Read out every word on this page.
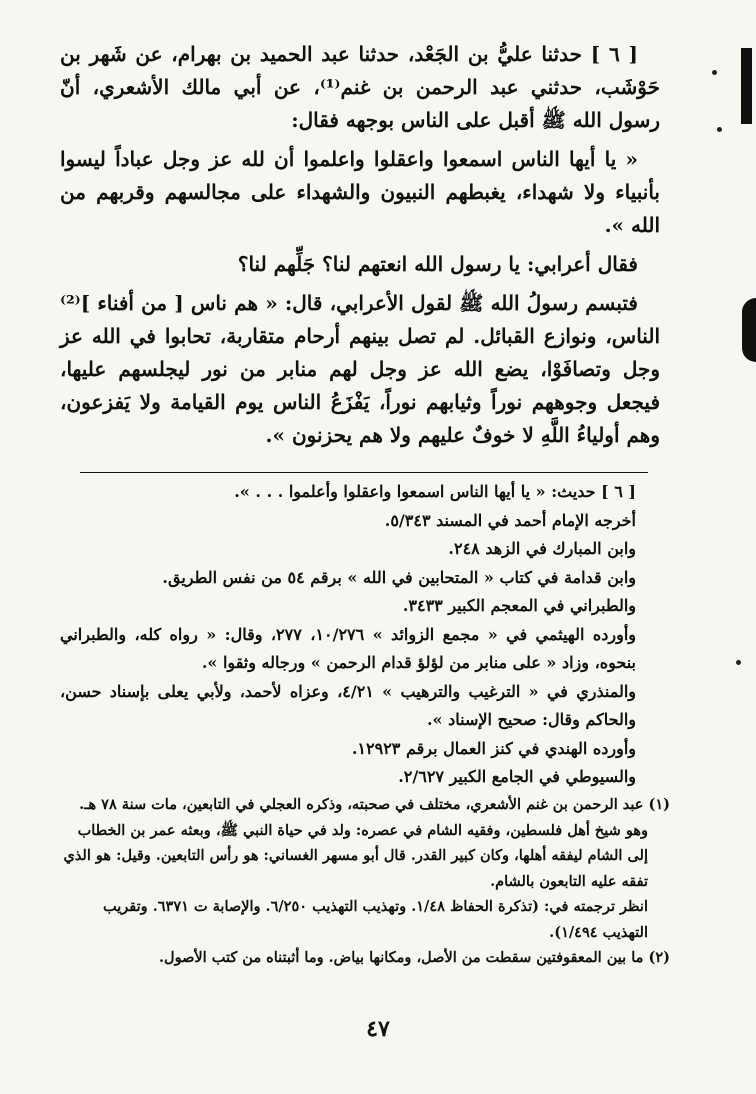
[ ٦ ] حدثنا عليُّ بن الجَعْد، حدثنا عبد الحميد بن بهرام، عن شَهر بن حَوْشَب، حدثني عبد الرحمن بن غنم⁽¹⁾، عن أبي مالك الأشعري، أنّ رسول الله ﷺ أقبل على الناس بوجهه فقال:

« يا أيها الناس اسمعوا واعقلوا واعلموا أن لله عز وجل عباداً ليسوا بأنبياء ولا شهداء، يغبطهم النبيون والشهداء على مجالسهم وقربهم من الله ».

فقال أعرابي: يا رسول الله انعتهم لنا؟ جَلِّهم لنا؟

فتبسم رسولُ الله ﷺ لقول الأعرابي، قال: « هم ناس [ من أفناء ]⁽²⁾ الناس، ونوازع القبائل. لم تصل بينهم أرحام متقاربة، تحابوا في الله عز وجل وتصافَوْا، يضع الله عز وجل لهم منابر من نور ليجلسهم عليها، فيجعل وجوههم نوراً وثيابهم نوراً، يَفْزَعُ الناس يوم القيامة ولا يَفزعون، وهم أولياءُ اللَّهِ لا خوفٌ عليهم ولا هم يحزنون ».

[ ٦ ] حديث: « يا أيها الناس اسمعوا واعقلوا وأعلموا . . . ».

أخرجه الإمام أحمد في المسند ٥/٣٤٣.

وابن المبارك في الزهد ٢٤٨.

وابن قدامة في كتاب « المتحابين في الله » برقم ٥٤ من نفس الطريق.

والطبراني في المعجم الكبير ٣٤٣٣.

وأورده الهيثمي في « مجمع الزوائد » ١٠/٢٧٦، ٢٧٧، وقال: « رواه كله، والطبراني بنحوه، وزاد « على منابر من لؤلؤ قدام الرحمن » ورجاله وثقوا ».

والمنذري في « الترغيب والترهيب » ٤/٢١، وعزاه لأحمد، ولأبي يعلى بإسناد حسن، والحاكم وقال: صحيح الإسناد ».

وأورده الهندي في كنز العمال برقم ١٢٩٢٣.

والسيوطي في الجامع الكبير ٢/٦٢٧.

(١) عبد الرحمن بن غنم الأشعري، مختلف في صحبته، وذكره العجلي في التابعين، مات سنة ٧٨ هـ.

وهو شيخ أهل فلسطين، وفقيه الشام في عصره: ولد في حياة النبي ﷺ، وبعثه عمر بن الخطاب إلى الشام ليفقه أهلها، وكان كبير القدر. قال أبو مسهر الغساني: هو رأس التابعين. وقيل: هو الذي تفقه عليه التابعون بالشام.

انظر ترجمته في: (تذكرة الحفاظ ١/٤٨. وتهذيب التهذيب ٦/٢٥٠. والإصابة ت ٦٣٧١. وتقريب التهذيب ١/٤٩٤).

(٢) ما بين المعقوفتين سقطت من الأصل، ومكانها بياض. وما أثبتناه من كتب الأصول.

٤٧
